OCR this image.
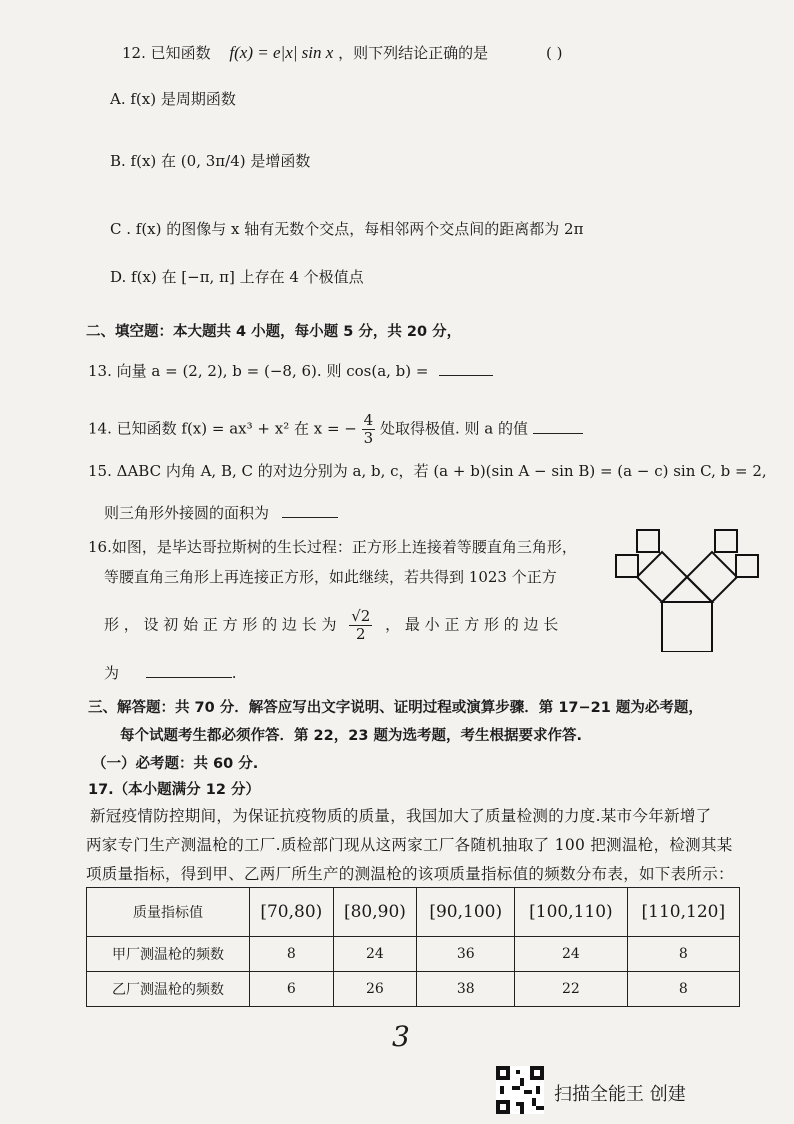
12. 已知函数 f(x) = e|x| sin x ，则下列结论正确的是	( )
A. f(x) 是周期函数
B. f(x) 在 (0, 3π/4) 是增函数
C . f(x) 的图像与 x 轴有无数个交点，每相邻两个交点间的距离都为 2π
D. f(x) 在 [−π, π] 上存在 4 个极值点
二、填空题：本大题共 4 小题，每小题 5 分，共 20 分，
13. 向量 a = (2, 2), b = (−8, 6). 则 cos(a, b) =
14. 已知函数 f(x) = ax³ + x² 在 x = − $\frac{4}{3}$ 处取得极值. 则 a 的值
15. ΔABC 内角 A, B, C 的对边分别为 a, b, c，若 (a + b)(sin A − sin B) = (a − c) sin C, b = 2,
则三角形外接圆的面积为
16.如图，是毕达哥拉斯树的生长过程：正方形上连接着等腰直角三角形，
等腰直角三角形上再连接正方形，如此继续，若共得到 1023 个正方
形 ， 设 初 始 正 方 形 的 边 长 为 $\frac{√2}{2}$ ， 最 小 正 方 形 的 边 长
为	.
三、解答题：共 70 分．解答应写出文字说明、证明过程或演算步骤．第 17−21 题为必考题，
每个试题考生都必须作答．第 22，23 题为选考题，考生根据要求作答.
（一）必考题：共 60 分.
17.（本小题满分 12 分）
新冠疫情防控期间，为保证抗疫物质的质量，我国加大了质量检测的力度.某市今年新增了
两家专门生产测温枪的工厂.质检部门现从这两家工厂各随机抽取了 100 把测温枪，检测其某
项质量指标，得到甲、乙两厂所生产的测温枪的该项质量指标值的频数分布表，如下表所示：
质量指标值	[70,80)	[80,90)	[90,100)	[100,110)	[110,120]
甲厂测温枪的频数	8	24	36	24	8
乙厂测温枪的频数	6	26	38	22	8
3
扫描全能王 创建
